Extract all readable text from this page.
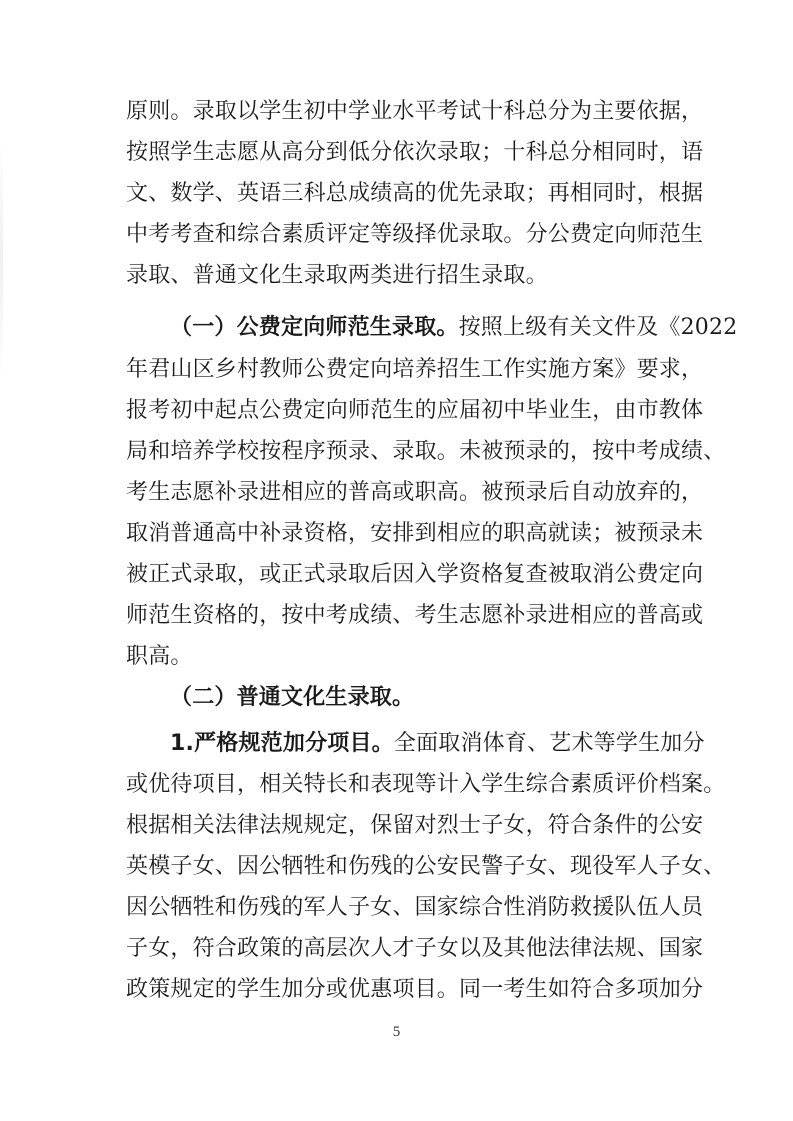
原则。录取以学生初中学业水平考试十科总分为主要依据，
按照学生志愿从高分到低分依次录取；十科总分相同时，语
文、数学、英语三科总成绩高的优先录取；再相同时，根据
中考考查和综合素质评定等级择优录取。分公费定向师范生
录取、普通文化生录取两类进行招生录取。
（一）公费定向师范生录取。按照上级有关文件及《2022
年君山区乡村教师公费定向培养招生工作实施方案》要求，
报考初中起点公费定向师范生的应届初中毕业生，由市教体
局和培养学校按程序预录、录取。未被预录的，按中考成绩、
考生志愿补录进相应的普高或职高。被预录后自动放弃的，
取消普通高中补录资格，安排到相应的职高就读；被预录未
被正式录取，或正式录取后因入学资格复查被取消公费定向
师范生资格的，按中考成绩、考生志愿补录进相应的普高或
职高。
（二）普通文化生录取。
1.严格规范加分项目。全面取消体育、艺术等学生加分
或优待项目，相关特长和表现等计入学生综合素质评价档案。
根据相关法律法规规定，保留对烈士子女，符合条件的公安
英模子女、因公牺牲和伤残的公安民警子女、现役军人子女、
因公牺牲和伤残的军人子女、国家综合性消防救援队伍人员
子女，符合政策的高层次人才子女以及其他法律法规、国家
政策规定的学生加分或优惠项目。同一考生如符合多项加分
5
